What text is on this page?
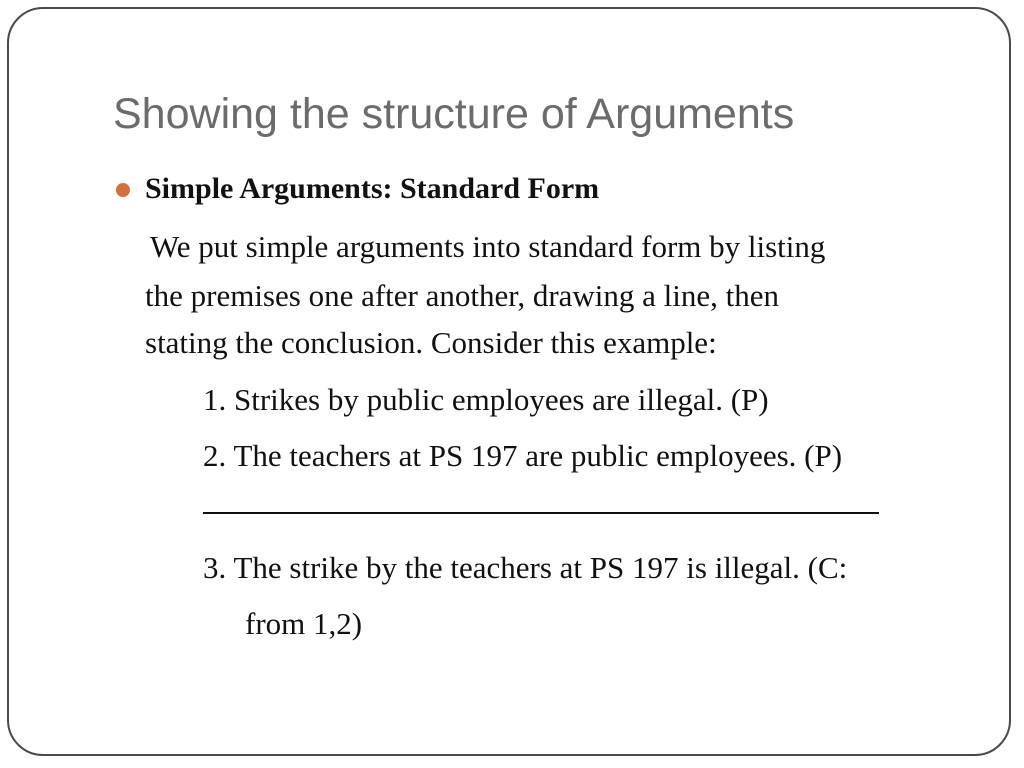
Showing the structure of Arguments
Simple Arguments: Standard Form
We put simple arguments into standard form by listing
the premises one after another, drawing a line, then
stating the conclusion. Consider this example:
1. Strikes by public employees are illegal. (P)
2. The teachers at PS 197 are public employees. (P)
3. The strike by the teachers at PS 197 is illegal. (C:
from 1,2)
